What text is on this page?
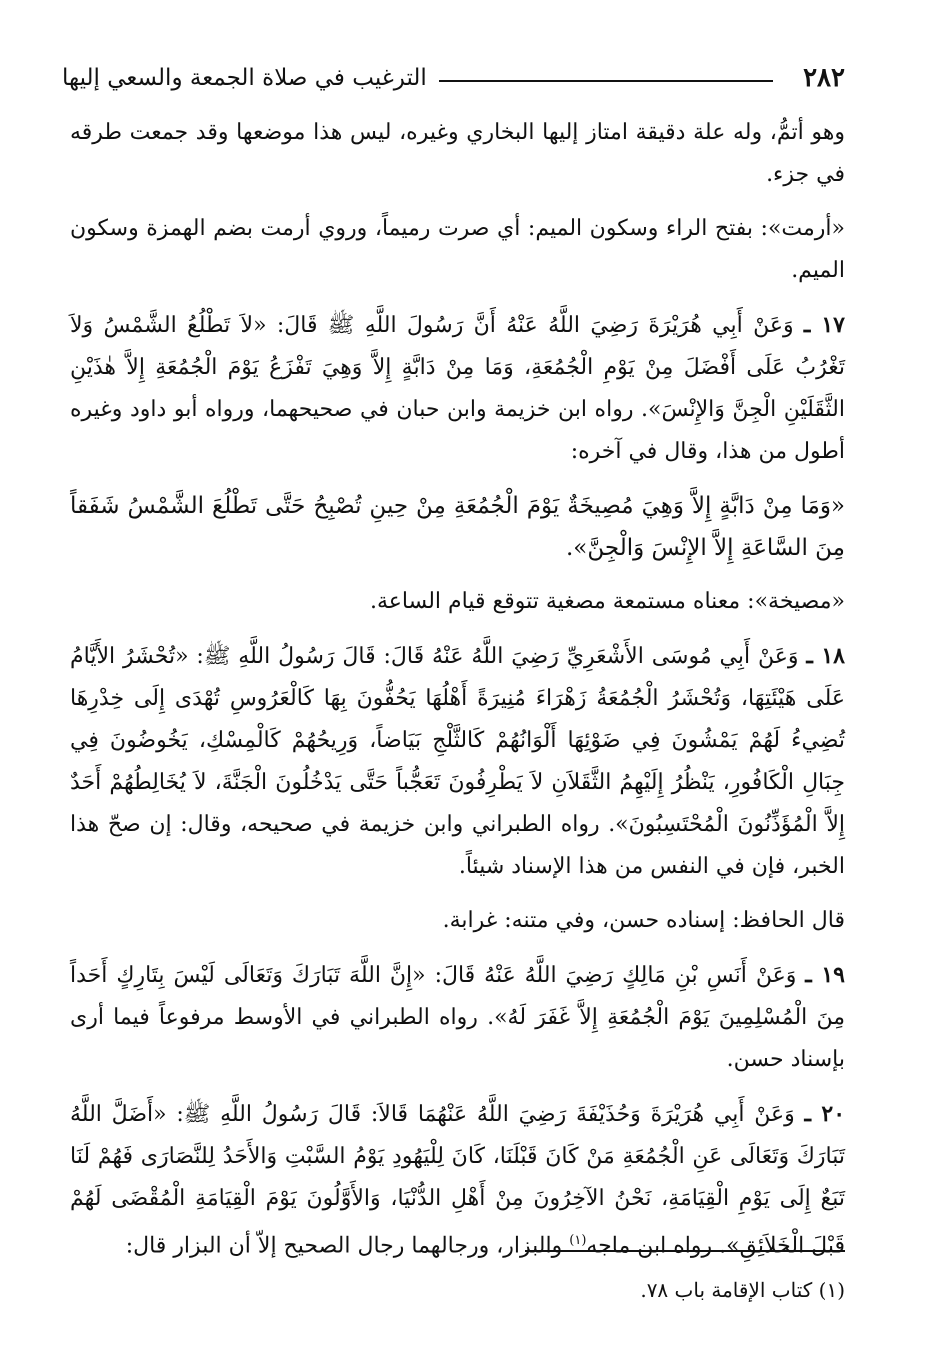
٢٨٢
الترغيب في صلاة الجمعة والسعي إليها

وهو أتمُّ، وله علة دقيقة امتاز إليها البخاري وغيره، ليس هذا موضعها وقد جمعت طرقه في جزء.

«أرمت»: بفتح الراء وسكون الميم: أي صرت رميماً، وروي أرمت بضم الهمزة وسكون الميم.

١٧ ـ وَعَنْ أَبِي هُرَيْرَةَ رَضِيَ اللَّهُ عَنْهُ أَنَّ رَسُولَ اللَّهِ ﷺ قَالَ: «لاَ تَطْلُعُ الشَّمْسُ وَلاَ تَغْرُبُ عَلَى أَفْضَلَ مِنْ يَوْمِ الْجُمُعَةِ، وَمَا مِنْ دَابَّةٍ إِلاَّ وَهِيَ تَفْزَعُ يَوْمَ الْجُمُعَةِ إِلاَّ هٰذَيْنِ الثَّقَلَيْنِ الْجِنَّ وَالإِنْسَ». رواه ابن خزيمة وابن حبان في صحيحهما، ورواه أبو داود وغيره أطول من هذا، وقال في آخره:

«وَمَا مِنْ دَابَّةٍ إِلاَّ وَهِيَ مُصِيخَةٌ يَوْمَ الْجُمُعَةِ مِنْ حِينِ تُصْبِحُ حَتَّى تَطْلُعَ الشَّمْسُ شَفَقاً مِنَ السَّاعَةِ إِلاَّ الإِنْسَ وَالْجِنَّ».

«مصيخة»: معناه مستمعة مصغية تتوقع قيام الساعة.

١٨ ـ وَعَنْ أَبِي مُوسَى الأَشْعَرِيِّ رَضِيَ اللَّهُ عَنْهُ قَالَ: قَالَ رَسُولُ اللَّهِ ﷺ: «تُحْشَرُ الأَيَّامُ عَلَى هَيْئَتِهَا، وَتُحْشَرُ الْجُمُعَةُ زَهْرَاءَ مُنِيرَةً أَهْلُهَا يَحُفُّونَ بِهَا كَالْعَرُوسِ تُهْدَى إِلَى خِدْرِهَا تُضِيءُ لَهُمْ يَمْشُونَ فِي ضَوْئِهَا أَلْوَانُهُمْ كَالثَّلْجِ بَيَاضاً، وَرِيحُهُمْ كَالْمِسْكِ، يَخُوضُونَ فِي جِبَالِ الْكَافُورِ، يَنْظُرُ إِلَيْهِمُ الثَّقَلاَنِ لاَ يَطْرِفُونَ تَعَجُّباً حَتَّى يَدْخُلُونَ الْجَنَّةَ، لاَ يُخَالِطُهُمْ أَحَدٌ إِلاَّ الْمُؤَذِّنُونَ الْمُحْتَسِبُونَ». رواه الطبراني وابن خزيمة في صحيحه، وقال: إن صحّ هذا الخبر، فإن في النفس من هذا الإسناد شيئاً.

قال الحافظ: إسناده حسن، وفي متنه: غرابة.

١٩ ـ وَعَنْ أَنَسِ بْنِ مَالِكٍ رَضِيَ اللَّهُ عَنْهُ قَالَ: «إِنَّ اللَّهَ تَبَارَكَ وَتَعَالَى لَيْسَ بِتَارِكٍ أَحَداً مِنَ الْمُسْلِمِينَ يَوْمَ الْجُمُعَةِ إِلاَّ غَفَرَ لَهُ». رواه الطبراني في الأوسط مرفوعاً فيما أرى بإسناد حسن.

٢٠ ـ وَعَنْ أَبِي هُرَيْرَةَ وَحُذَيْفَةَ رَضِيَ اللَّهُ عَنْهُمَا قَالاَ: قَالَ رَسُولُ اللَّهِ ﷺ: «أَضَلَّ اللَّهُ تَبَارَكَ وَتَعَالَى عَنِ الْجُمُعَةِ مَنْ كَانَ قَبْلَنَا، كَانَ لِلْيَهُودِ يَوْمُ السَّبْتِ وَالأَحَدُ لِلنَّصَارَى فَهُمْ لَنَا تَبَعٌ إِلَى يَوْمِ الْقِيَامَةِ، نَحْنُ الآخِرُونَ مِنْ أَهْلِ الدُّنْيَا، وَالأَوَّلُونَ يَوْمَ الْقِيَامَةِ الْمُقْضَى لَهُمْ قَبْلَ الْخَلاَئِقِ». رواه ابن ماجه$^{(١)}$ والبزار، ورجالهما رجال الصحيح إلاّ أن البزار قال:

(١) كتاب الإقامة باب ٧٨.
